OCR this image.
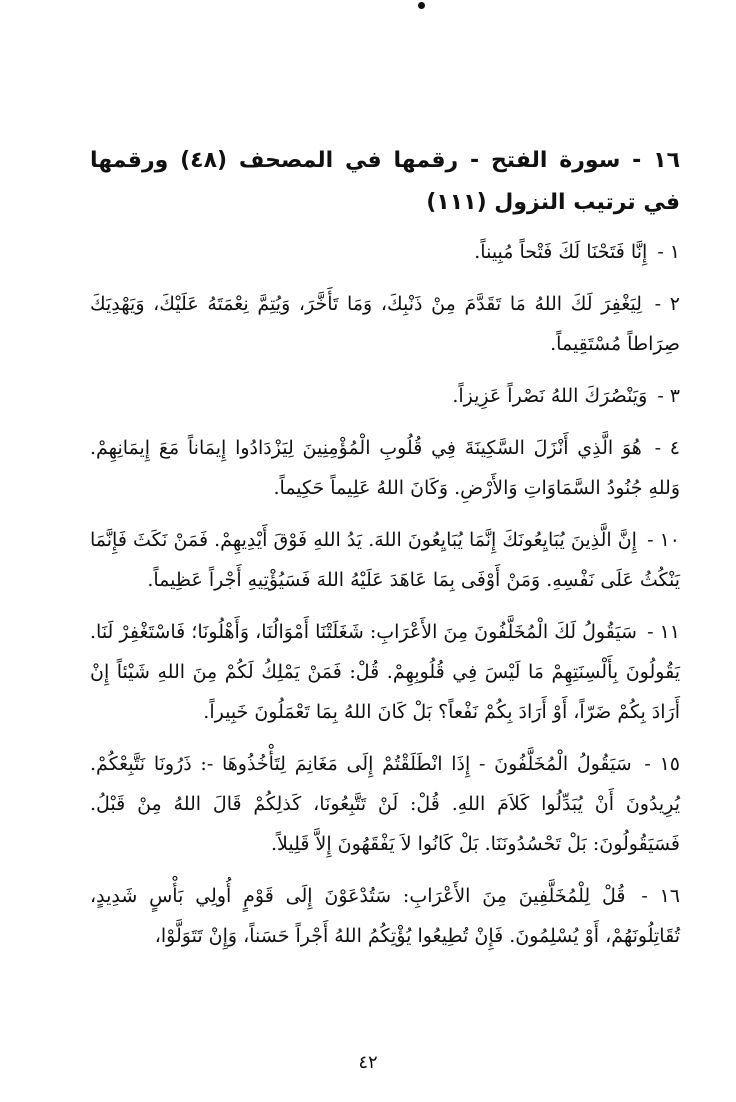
١٦ - سورة الفتح - رقمها في المصحف (٤٨) ورقمها في ترتيب النزول (١١١)

١ - إِنَّا فَتَحْنَا لَكَ فَتْحاً مُبِيناً.

٢ - لِيَغْفِرَ لَكَ اللهُ مَا تَقَدَّمَ مِنْ ذَنْبِكَ، وَمَا تَأَخَّرَ، وَيُتِمَّ نِعْمَتَهُ عَلَيْكَ، وَيَهْدِيَكَ صِرَاطاً مُسْتَقِيماً.

٣ - وَيَنْصُرَكَ اللهُ نَصْراً عَزِيزاً.

٤ - هُوَ الَّذِي أَنْزَلَ السَّكِينَةَ فِي قُلُوبِ الْمُؤْمِنِينَ لِيَزْدَادُوا إِيمَاناً مَعَ إِيمَانِهِمْ. وَللهِ جُنُودُ السَّمَاوَاتِ وَالأَرْضِ. وَكَانَ اللهُ عَلِيماً حَكِيماً.

١٠ - إِنَّ الَّذِينَ يُبَايِعُونَكَ إِنَّمَا يُبَايِعُونَ اللهَ. يَدُ اللهِ فَوْقَ أَيْدِيهِمْ. فَمَنْ نَكَثَ فَإِنَّمَا يَنْكُثُ عَلَى نَفْسِهِ. وَمَنْ أَوْفَى بِمَا عَاهَدَ عَلَيْهُ اللهَ فَسَيُؤْتِيهِ أَجْراً عَظِيماً.

١١ - سَيَقُولُ لَكَ الْمُخَلَّفُونَ مِنَ الأَعْرَابِ: شَغَلَتْنَا أَمْوَالُنَا، وَأَهْلُونَا؛ فَاسْتَغْفِرْ لَنَا. يَقُولُونَ بِأَلْسِنَتِهِمْ مَا لَيْسَ فِي قُلُوبِهِمْ. قُلْ: فَمَنْ يَمْلِكُ لَكُمْ مِنَ اللهِ شَيْئاً إِنْ أَرَادَ بِكُمْ ضَرّاً، أَوْ أَرَادَ بِكُمْ نَفْعاً؟ بَلْ كَانَ اللهُ بِمَا تَعْمَلُونَ خَبِيراً.

١٥ - سَيَقُولُ الْمُخَلَّفُونَ - إِذَا انْطَلَقْتُمْ إِلَى مَغَانِمَ لِتَأْخُذُوهَا -: ذَرُونَا نَتَّبِعْكُمْ. يُرِيدُونَ أَنْ يُبَدِّلُوا كَلاَمَ اللهِ. قُلْ: لَنْ تَتَّبِعُونَا، كَذلِكُمْ قَالَ اللهُ مِنْ قَبْلُ. فَسَيَقُولُونَ: بَلْ تَحْسُدُونَنَا. بَلْ كَانُوا لاَ يَفْقَهُونَ إِلاَّ قَلِيلاً.

١٦ - قُلْ لِلْمُخَلَّفِينَ مِنَ الأَعْرَابِ: سَتُدْعَوْنَ إِلَى قَوْمٍ أُولِي بَأْسٍ شَدِيدٍ، تُقَاتِلُونَهُمْ، أَوْ يُسْلِمُونَ. فَإِنْ تُطِيعُوا يُؤْتِكُمُ اللهُ أَجْراً حَسَناً، وَإِنْ تَتَوَلَّوْا،

٤٢
